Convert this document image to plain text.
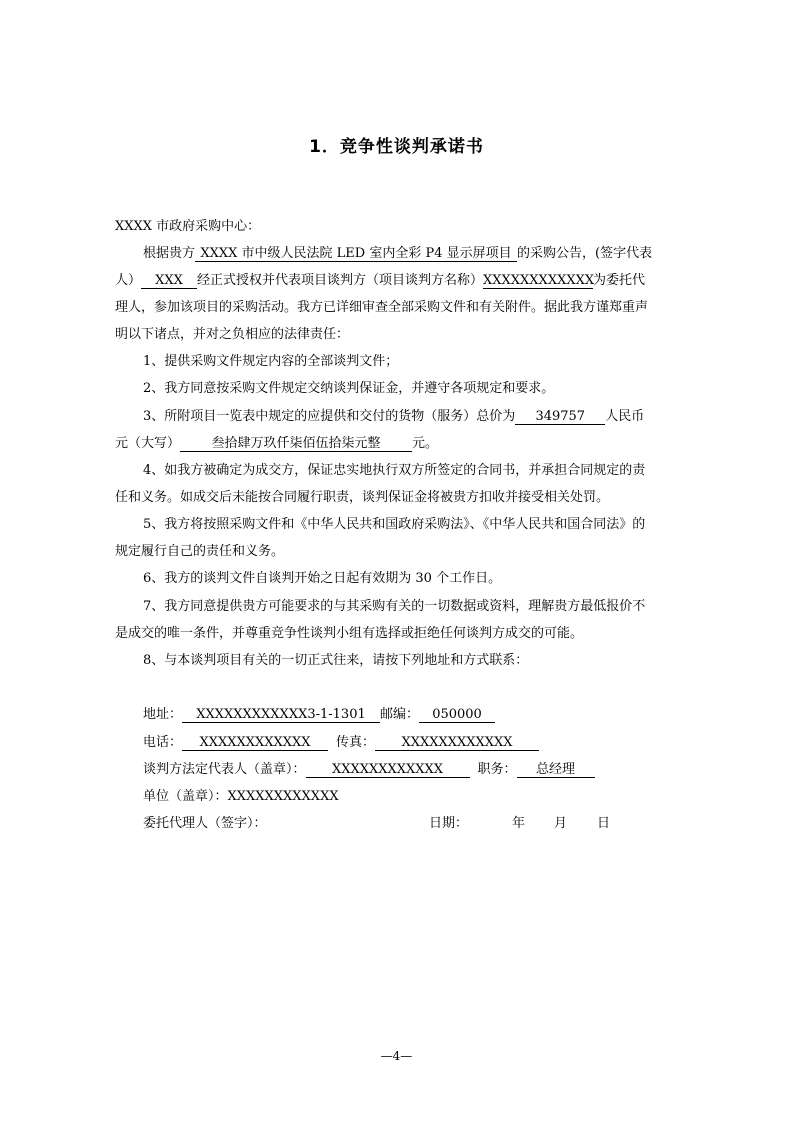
1．竞争性谈判承诺书
XXXX 市政府采购中心：
根据贵方 XXXX 市中级人民法院 LED 室内全彩 P4 显示屏项目 的采购公告，(签字代表
人） XXX 经正式授权并代表项目谈判方（项目谈判方名称）XXXXXXXXXXXX为委托代
理人，参加该项目的采购活动。我方已详细审查全部采购文件和有关附件。据此我方谨郑重声
明以下诸点，并对之负相应的法律责任：
1、提供采购文件规定内容的全部谈判文件；
2、我方同意按采购文件规定交纳谈判保证金，并遵守各项规定和要求。
3、所附项目一览表中规定的应提供和交付的货物（服务）总价为 349757 人民币
元（大写） 叁拾肆万玖仟柒佰伍拾柒元整 元。
4、如我方被确定为成交方，保证忠实地执行双方所签定的合同书，并承担合同规定的责
任和义务。如成交后未能按合同履行职责，谈判保证金将被贵方扣收并接受相关处罚。
5、我方将按照采购文件和《中华人民共和国政府采购法》、《中华人民共和国合同法》的
规定履行自己的责任和义务。
6、我方的谈判文件自谈判开始之日起有效期为 30 个工作日。
7、我方同意提供贵方可能要求的与其采购有关的一切数据或资料，理解贵方最低报价不
是成交的唯一条件，并尊重竞争性谈判小组有选择或拒绝任何谈判方成交的可能。
8、与本谈判项目有关的一切正式往来，请按下列地址和方式联系：
地址： XXXXXXXXXXXX3-1-1301 邮编： 050000
电话： XXXXXXXXXXXX 传真： XXXXXXXXXXXX
谈判方法定代表人（盖章）： XXXXXXXXXXXX	职务： 总经理
单位（盖章）：XXXXXXXXXXXX
委托代理人（签字）：	日期：	年 月 日
—4—
